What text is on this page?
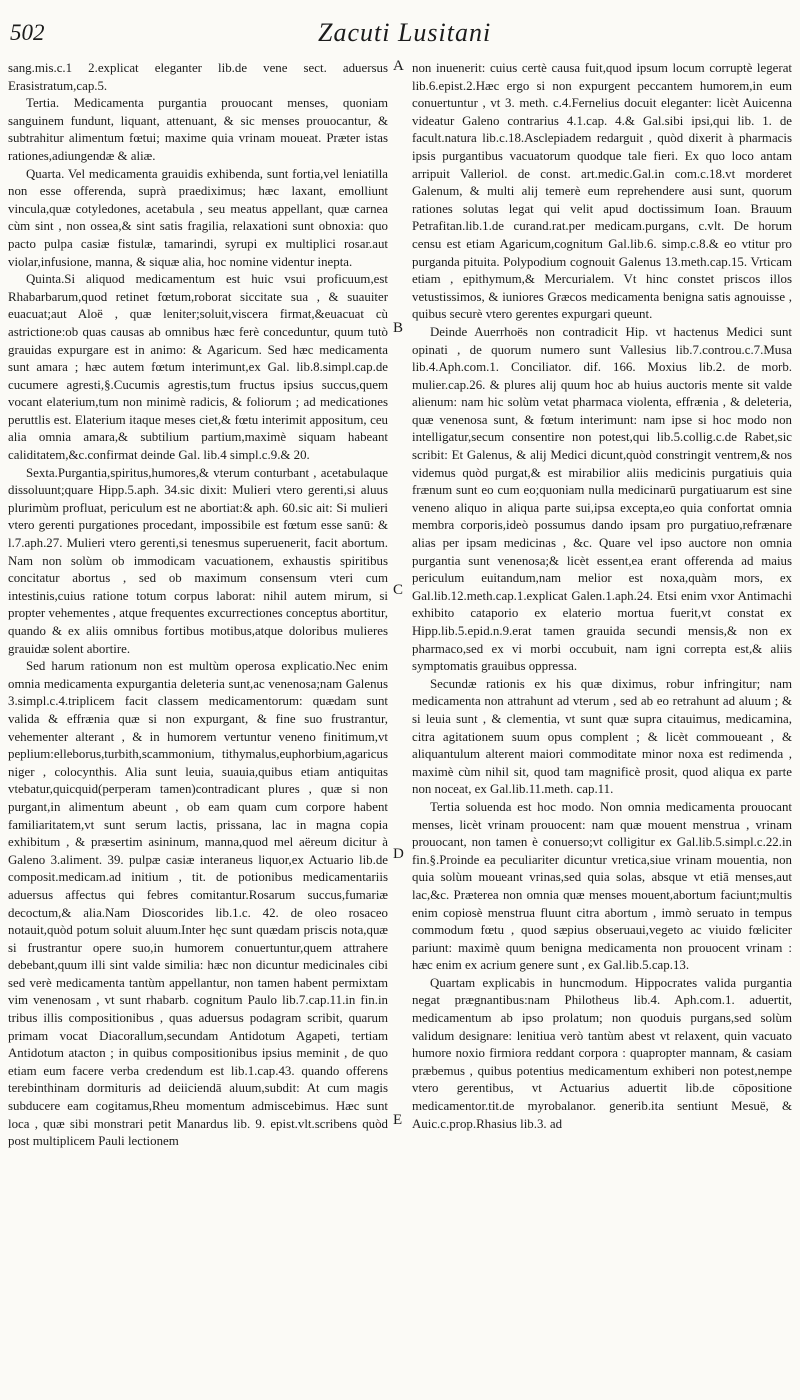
502	Zacuti Lusitani

sang.mis.c.1 2.explicat eleganter lib.de vene sect. aduersus Erasistratum,cap.5.

Tertia. Medicamenta purgantia prouocant menses, quoniam sanguinem fundunt, liquant, attenuant, & sic menses prouocantur, & subtrahitur alimentum fœtui; maxime quia vrinam moueat. Præter istas rationes,adiungendæ & aliæ.

Quarta. Vel medicamenta grauidis exhibenda, sunt fortia,vel leniatilla non esse offerenda, suprà praediximus; hæc laxant, emolliunt vincula,quæ cotyledones, acetabula , seu meatus appellant, quæ carnea cùm sint , non ossea,& sint satis fragilia, relaxationi sunt obnoxia: quo pacto pulpa casiæ fistulæ, tamarindi, syrupi ex multiplici rosar.aut violar,infusione, manna, & siquæ alia, hoc nomine videntur inepta.

Quinta.Si aliquod medicamentum est huic vsui proficuum,est Rhabarbarum,quod retinet fœtum,roborat siccitate sua , & suauiter euacuat;aut Aloë , quæ leniter;soluit,viscera firmat,&euacuat cù astrictione:ob quas causas ab omnibus hæc ferè conceduntur, quum tutò grauidas expurgare est in animo: & Agaricum. Sed hæc medicamenta sunt amara ; hæc autem fœtum interimunt,ex Gal. lib.8.simpl.cap.de cucumere agresti,§.Cucumis agrestis,tum fructus ipsius succus,quem vocant elaterium,tum non minimè radicis, & foliorum ; ad medicationes peruttlis est. Elaterium itaque meses ciet,& fœtu interimit appositum, ceu alia omnia amara,& subtilium partium,maximè siquam habeant caliditatem,&c.confirmat deinde Gal. lib.4 simpl.c.9.& 20.

Sexta.Purgantia,spiritus,humores,& vterum conturbant , acetabulaque dissoluunt;quare Hipp.5.aph. 34.sic dixit: Mulieri vtero gerenti,si aluus plurimùm profluat, periculum est ne abortiat:& aph. 60.sic ait: Si mulieri vtero gerenti purgationes procedant, impossibile est fœtum esse sanū: & l.7.aph.27. Mulieri vtero gerenti,si tenesmus superuenerit, facit abortum. Nam non solùm ob immodicam vacuationem, exhaustis spiritibus concitatur abortus , sed ob maximum consensum vteri cum intestinis,cuius ratione totum corpus laborat: nihil autem mirum, si propter vehementes , atque frequentes excurrectiones conceptus abortitur, quando & ex aliis omnibus fortibus motibus,atque doloribus mulieres grauidæ solent abortire.

Sed harum rationum non est multùm operosa explicatio.Nec enim omnia medicamenta expurgantia deleteria sunt,ac venenosa;nam Galenus 3.simpl.c.4.triplicem facit classem medicamentorum: quædam sunt valida & effrænia quæ si non expurgant, & fine suo frustrantur, vehementer alterant , & in humorem vertuntur veneno finitimum,vt peplium:elleborus,turbith,scammonium, tithymalus,euphorbium,agaricus niger , colocynthis. Alia sunt leuia, suauia,quibus etiam antiquitas vtebatur,quicquid(perperam tamen)contradicant plures , quæ si non purgant,in alimentum abeunt , ob eam quam cum corpore habent familiaritatem,vt sunt serum lactis, prissana, lac in magna copia exhibitum , & præsertim asininum, manna,quod mel aëreum dicitur à Galeno 3.aliment. 39. pulpæ casiæ interaneus liquor,ex Actuario lib.de composit.medicam.ad initium , tit. de potionibus medicamentariis aduersus affectus qui febres comitantur.Rosarum succus,fumariæ decoctum,& alia.Nam Dioscorides lib.1.c. 42. de oleo rosaceo notauit,quòd potum soluit aluum.Inter hęc sunt quædam priscis nota,quæ si frustrantur opere suo,in humorem conuertuntur,quem attrahere debebant,quum illi sint valde similia: hæc non dicuntur medicinales cibi sed verè medicamenta tantùm appellantur, non tamen habent permixtam vim venenosam , vt sunt rhabarb. cognitum Paulo lib.7.cap.11.in fin.in tribus illis compositionibus , quas aduersus podagram scribit, quarum primam vocat Diacorallum,secundam Antidotum Agapeti, tertiam Antidotum atacton ; in quibus compositionibus ipsius meminit , de quo etiam eum facere verba credendum est lib.1.cap.43. quando offerens terebinthinam dormituris ad deiiciendā aluum,subdit: At cum magis subducere eam cogitamus,Rheu momentum admiscebimus. Hæc sunt loca , quæ sibi monstrari petit Manardus lib. 9. epist.vlt.scribens quòd post multiplicem Pauli lectionem

A
B
C
D
E

non inuenerit: cuius certè causa fuit,quod ipsum locum corruptè legerat lib.6.epist.2.Hæc ergo si non expurgent peccantem humorem,in eum conuertuntur , vt 3. meth. c.4.Fernelius docuit eleganter: licèt Auicenna videatur Galeno contrarius 4.1.cap. 4.& Gal.sibi ipsi,qui lib. 1. de facult.natura lib.c.18.Asclepiadem redarguit , quòd dixerit à pharmacis ipsis purgantibus vacuatorum quodque tale fieri. Ex quo loco antam arripuit Valleriol. de const. art.medic.Gal.in com.c.18.vt morderet Galenum, & multi alij temerè eum reprehendere ausi sunt, quorum rationes solutas legat qui velit apud doctissimum Ioan. Brauum Petrafitan.lib.1.de curand.rat.per medicam.purgans, c.vlt. De horum censu est etiam Agaricum,cognitum Gal.lib.6. simp.c.8.& eo vtitur pro purganda pituita. Polypodium cognouit Galenus 13.meth.cap.15. Vrticam etiam , epithymum,& Mercurialem. Vt hinc constet priscos illos vetustissimos, & iuniores Græcos medicamenta benigna satis agnouisse , quibus securè vtero gerentes expurgari queunt.

Deinde Auerrhoës non contradicit Hip. vt hactenus Medici sunt opinati , de quorum numero sunt Vallesius lib.7.controu.c.7.Musa lib.4.Aph.com.1. Conciliator. dif. 166. Moxius lib.2. de morb. mulier.cap.26. & plures alij quum hoc ab huius auctoris mente sit valde alienum: nam hic solùm vetat pharmaca violenta, effrænia , & deleteria, quæ venenosa sunt, & fœtum interimunt: nam ipse si hoc modo non intelligatur,secum consentire non potest,qui lib.5.collig.c.de Rabet,sic scribit: Et Galenus, & alij Medici dicunt,quòd constringit ventrem,& nos videmus quòd purgat,& est mirabilior aliis medicinis purgatiuis quia frænum sunt eo cum eo;quoniam nulla medicinarū purgatiuarum est sine veneno aliquo in aliqua parte sui,ipsa excepta,eo quia confortat omnia membra corporis,ideò possumus dando ipsam pro purgatiuo,refrænare alias per ipsam medicinas , &c. Quare vel ipso auctore non omnia purgantia sunt venenosa;& licèt essent,ea erant offerenda ad maius periculum euitandum,nam melior est noxa,quàm mors, ex Gal.lib.12.meth.cap.1.explicat Galen.1.aph.24. Etsi enim vxor Antimachi exhibito cataporio ex elaterio mortua fuerit,vt constat ex Hipp.lib.5.epid.n.9.erat tamen grauida secundi mensis,& non ex pharmaco,sed ex vi morbi occubuit, nam igni correpta est,& aliis symptomatis grauibus oppressa.

Secundæ rationis ex his quæ diximus, robur infringitur; nam medicamenta non attrahunt ad vterum , sed ab eo retrahunt ad aluum ; & si leuia sunt , & clementia, vt sunt quæ supra citauimus, medicamina, citra agitationem suum opus complent ; & licèt commoueant , & aliquantulum alterent maiori commoditate minor noxa est redimenda , maximè cùm nihil sit, quod tam magnificè prosit, quod aliqua ex parte non noceat, ex Gal.lib.11.meth. cap.11.

Tertia soluenda est hoc modo. Non omnia medicamenta prouocant menses, licèt vrinam prouocent: nam quæ mouent menstrua , vrinam prouocant, non tamen è conuerso;vt colligitur ex Gal.lib.5.simpl.c.22.in fin.§.Proinde ea peculiariter dicuntur vretica,siue vrinam mouentia, non quia solùm moueant vrinas,sed quia solas, absque vt etiā menses,aut lac,&c. Præterea non omnia quæ menses mouent,abortum faciunt;multis enim copiosè menstrua fluunt citra abortum , immò seruato in tempus commodum fœtu , quod sæpius obseruaui,vegeto ac viuido fœliciter pariunt: maximè quum benigna medicamenta non prouocent vrinam : hæc enim ex acrium genere sunt , ex Gal.lib.5.cap.13.

Quartam explicabis in huncmodum. Hippocrates valida purgantia negat prægnantibus:nam Philotheus lib.4. Aph.com.1. aduertit, medicamentum ab ipso prolatum; non quoduis purgans,sed solùm validum designare: lenitiua verò tantùm abest vt relaxent, quin vacuato humore noxio firmiora reddant corpora : quapropter mannam, & casiam præbemus , quibus potentius medicamentum exhiberi non potest,nempe vtero gerentibus, vt Actuarius aduertit lib.de cōpositione medicamentor.tit.de myrobalanor. generib.ita sentiunt Mesuë, & Auic.c.prop.Rhasius lib.3. ad
